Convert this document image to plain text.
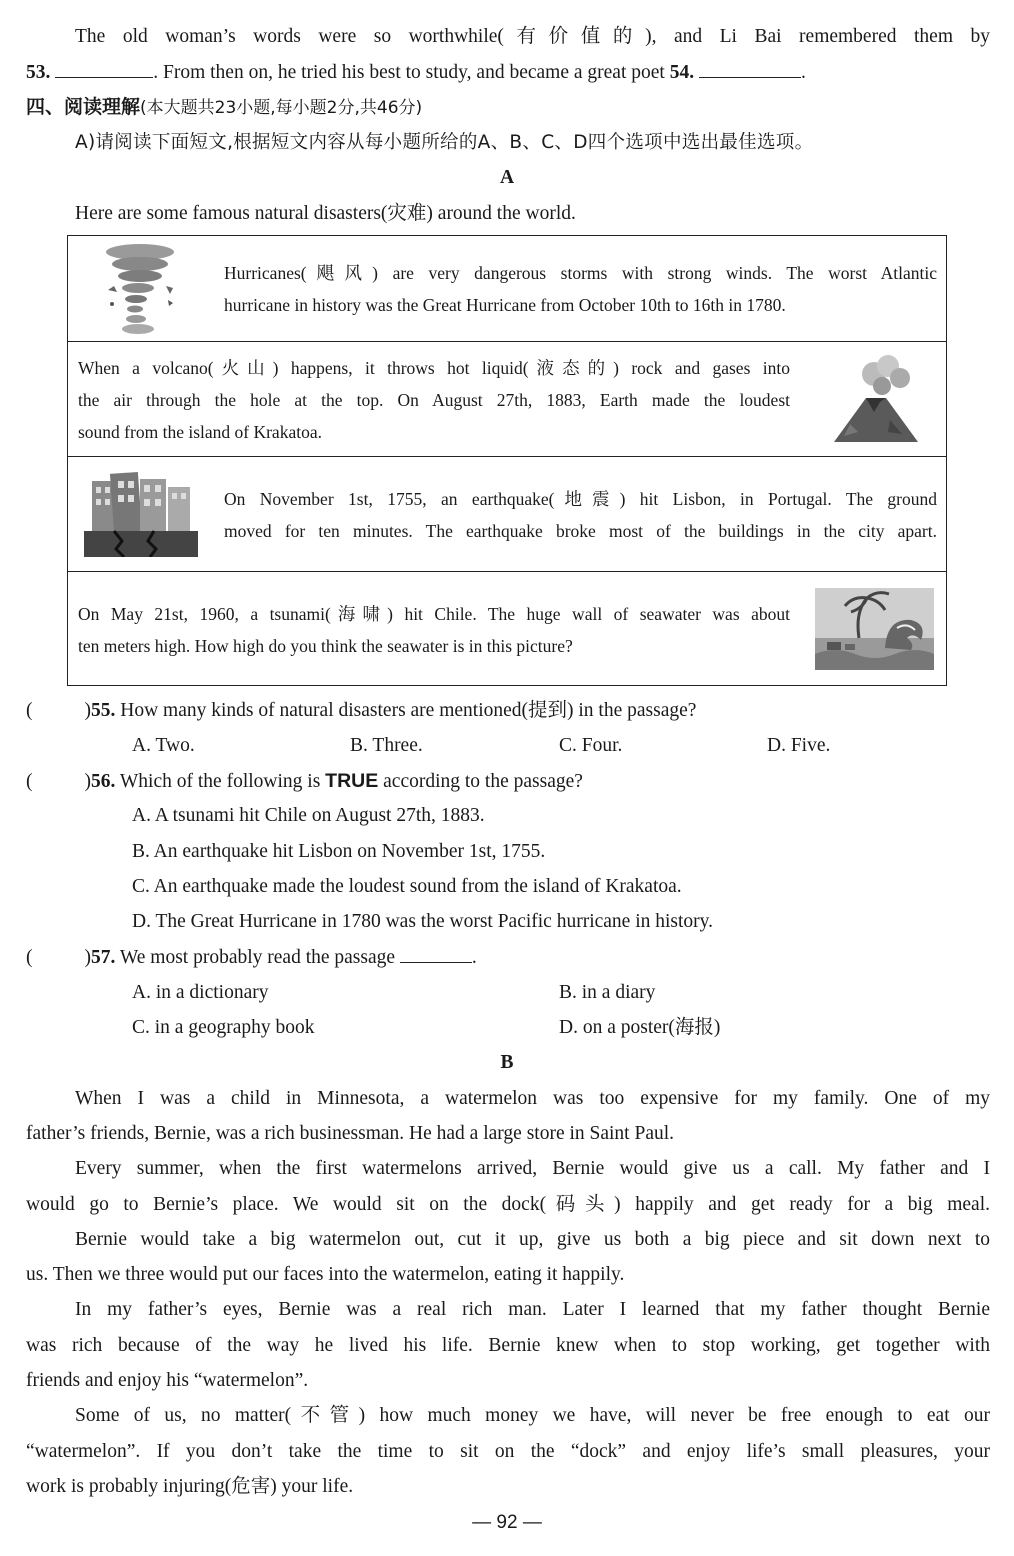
The old woman’s words were so worthwhile(有价值的), and Li Bai remembered them by
53.	. From then on, he tried his best to study, and became a great poet 54.	.
四、阅读理解(本大题共23小题,每小题2分,共46分)
A)请阅读下面短文,根据短文内容从每小题所给的A、B、C、D四个选项中选出最佳选项。
A
Here are some famous natural disasters(灾难) around the world.
Hurricanes(飓风) are very dangerous storms with strong winds. The worst Atlantic
hurricane in history was the Great Hurricane from October 10th to 16th in 1780.
When a volcano(火山) happens, it throws hot liquid(液态的) rock and gases into
the air through the hole at the top. On August 27th, 1883, Earth made the loudest
sound from the island of Krakatoa.
On November 1st, 1755, an earthquake(地震) hit Lisbon, in Portugal. The ground
moved for ten minutes. The earthquake broke most of the buildings in the city apart.
On May 21st, 1960, a tsunami(海啸) hit Chile. The huge wall of seawater was about
ten meters high. How high do you think the seawater is in this picture?
(	)55. How many kinds of natural disasters are mentioned(提到) in the passage?
A. Two.	B. Three.	C. Four.	D. Five.
(	)56. Which of the following is TRUE according to the passage?
A. A tsunami hit Chile on August 27th, 1883.
B. An earthquake hit Lisbon on November 1st, 1755.
C. An earthquake made the loudest sound from the island of Krakatoa.
D. The Great Hurricane in 1780 was the worst Pacific hurricane in history.
(	)57. We most probably read the passage	.
A. in a dictionary	B. in a diary
C. in a geography book	D. on a poster(海报)
B
When I was a child in Minnesota, a watermelon was too expensive for my family. One of my
father’s friends, Bernie, was a rich businessman. He had a large store in Saint Paul.
Every summer, when the first watermelons arrived, Bernie would give us a call. My father and I
would go to Bernie’s place. We would sit on the dock(码头) happily and get ready for a big meal.
Bernie would take a big watermelon out, cut it up, give us both a big piece and sit down next to
us. Then we three would put our faces into the watermelon, eating it happily.
In my father’s eyes, Bernie was a real rich man. Later I learned that my father thought Bernie
was rich because of the way he lived his life. Bernie knew when to stop working, get together with
friends and enjoy his “watermelon”.
Some of us, no matter(不管) how much money we have, will never be free enough to eat our
“watermelon”. If you don’t take the time to sit on the “dock” and enjoy life’s small pleasures, your
work is probably injuring(危害) your life.
— 92 —
